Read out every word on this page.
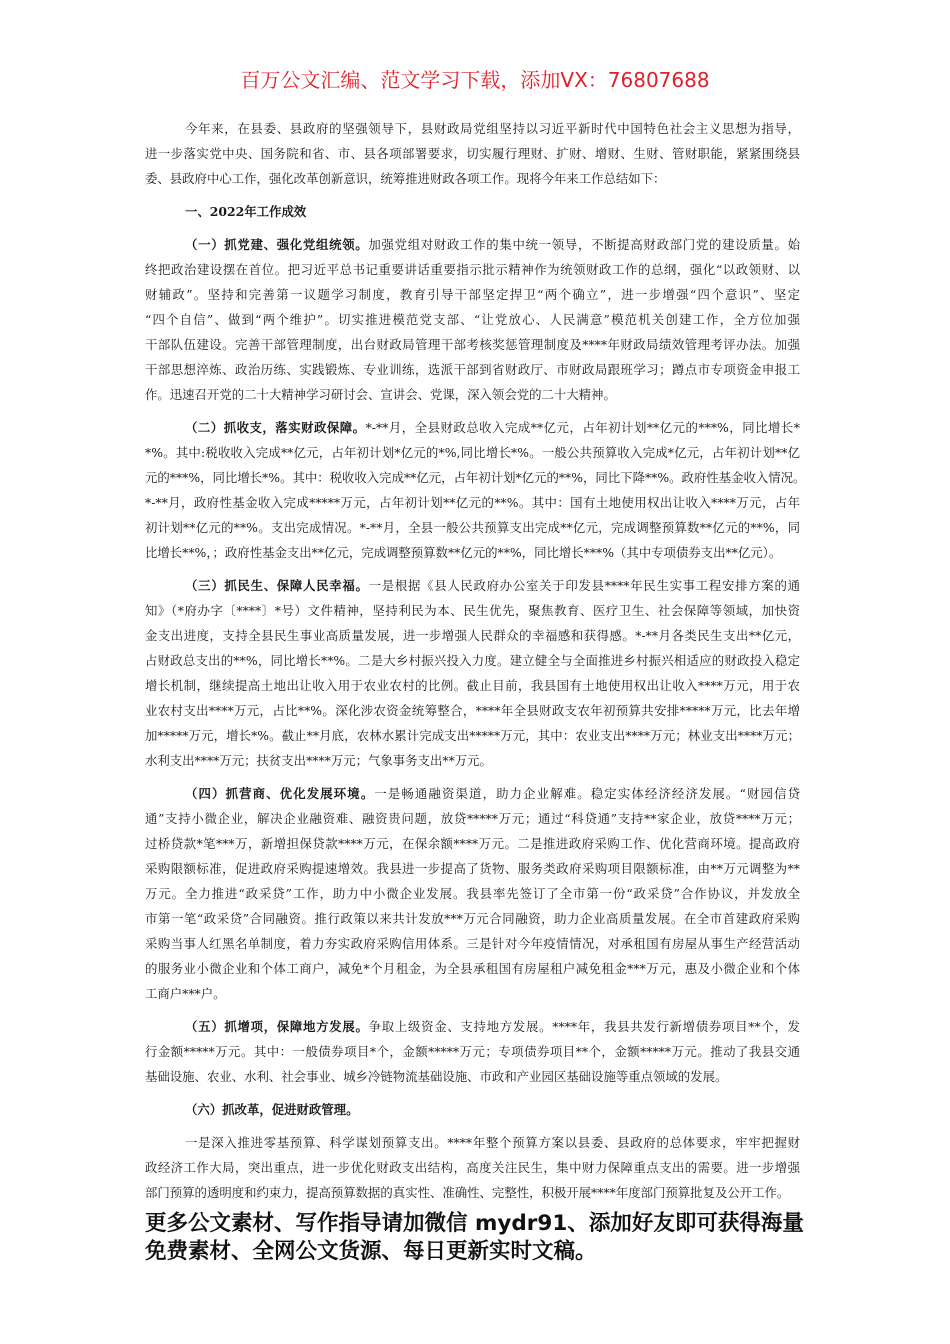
百万公文汇编、范文学习下载，添加VX：76807688
今年来，在县委、县政府的坚强领导下，县财政局党组坚持以习近平新时代中国特色社会主义思想为指导，
进一步落实党中央、国务院和省、市、县各项部署要求，切实履行理财、扩财、增财、生财、管财职能，紧紧围绕县
委、县政府中心工作，强化改革创新意识，统筹推进财政各项工作。现将今年来工作总结如下：
一、2022年工作成效
（一）抓党建、强化党组统领。加强党组对财政工作的集中统一领导，不断提高财政部门党的建设质量。始
终把政治建设摆在首位。把习近平总书记重要讲话重要指示批示精神作为统领财政工作的总纲，强化“以政领财、以
财辅政”。坚持和完善第一议题学习制度，教育引导干部坚定捍卫“两个确立”，进一步增强“四个意识”、坚定
“四个自信”、做到“两个维护”。切实推进模范党支部、“让党放心、人民满意”模范机关创建工作，全方位加强
干部队伍建设。完善干部管理制度，出台财政局管理干部考核奖惩管理制度及****年财政局绩效管理考评办法。加强
干部思想淬炼、政治历练、实践锻炼、专业训练，选派干部到省财政厅、市财政局跟班学习；蹲点市专项资金申报工
作。迅速召开党的二十大精神学习研讨会、宣讲会、党课，深入领会党的二十大精神。
（二）抓收支，落实财政保障。*-**月，全县财政总收入完成**亿元，占年初计划**亿元的***%，同比增长*
*%。其中:税收收入完成**亿元，占年初计划*亿元的*%,同比增长*%。一般公共预算收入完成*亿元，占年初计划**亿
元的***%，同比增长*%。其中：税收收入完成**亿元，占年初计划*亿元的**%，同比下降**%。政府性基金收入情况。
*-**月，政府性基金收入完成*****万元，占年初计划**亿元的**%。其中：国有土地使用权出让收入****万元，占年
初计划**亿元的**%。支出完成情况。*-**月，全县一般公共预算支出完成**亿元，完成调整预算数**亿元的**%，同
比增长**%，；政府性基金支出**亿元，完成调整预算数**亿元的**%，同比增长***%（其中专项债券支出**亿元）。
（三）抓民生、保障人民幸福。一是根据《县人民政府办公室关于印发县****年民生实事工程安排方案的通
知》（*府办字〔****〕*号）文件精神，坚持利民为本、民生优先，聚焦教育、医疗卫生、社会保障等领域，加快资
金支出进度，支持全县民生事业高质量发展，进一步增强人民群众的幸福感和获得感。*-**月各类民生支出**亿元，
占财政总支出的**%，同比增长**%。二是大乡村振兴投入力度。建立健全与全面推进乡村振兴相适应的财政投入稳定
增长机制，继续提高土地出让收入用于农业农村的比例。截止目前，我县国有土地使用权出让收入****万元，用于农
业农村支出****万元，占比**%。深化涉农资金统筹整合，****年全县财政支农年初预算共安排*****万元，比去年增
加*****万元，增长*%。截止**月底，农林水累计完成支出*****万元，其中：农业支出****万元；林业支出****万元；
水利支出****万元；扶贫支出****万元；气象事务支出**万元。
（四）抓营商、优化发展环境。一是畅通融资渠道，助力企业解难。稳定实体经济经济发展。“财园信贷
通”支持小微企业，解决企业融资难、融资贵问题，放贷*****万元；通过“科贷通”支持**家企业，放贷****万元；
过桥贷款*笔***万，新增担保贷款****万元，在保余额****万元。二是推进政府采购工作、优化营商环境。提高政府
采购限额标准，促进政府采购提速增效。我县进一步提高了货物、服务类政府采购项目限额标准，由**万元调整为**
万元。全力推进“政采贷”工作，助力中小微企业发展。我县率先签订了全市第一份“政采贷”合作协议，并发放全
市第一笔“政采贷”合同融资。推行政策以来共计发放***万元合同融资，助力企业高质量发展。在全市首建政府采购
采购当事人红黑名单制度，着力夯实政府采购信用体系。三是针对今年疫情情况，对承租国有房屋从事生产经营活动
的服务业小微企业和个体工商户，减免*个月租金，为全县承租国有房屋租户减免租金***万元，惠及小微企业和个体
工商户***户。
（五）抓增项，保障地方发展。争取上级资金、支持地方发展。****年，我县共发行新增债券项目**个，发
行金额*****万元。其中：一般债券项目*个，金额*****万元；专项债券项目**个，金额*****万元。推动了我县交通
基础设施、农业、水利、社会事业、城乡冷链物流基础设施、市政和产业园区基础设施等重点领域的发展。
（六）抓改革，促进财政管理。
一是深入推进零基预算、科学谋划预算支出。****年整个预算方案以县委、县政府的总体要求，牢牢把握财
政经济工作大局，突出重点，进一步优化财政支出结构，高度关注民生，集中财力保障重点支出的需要。进一步增强
部门预算的透明度和约束力，提高预算数据的真实性、准确性、完整性，积极开展****年度部门预算批复及公开工作。
更多公文素材、写作指导请加微信 mydr91、添加好友即可获得海量
免费素材、全网公文货源、每日更新实时文稿。
